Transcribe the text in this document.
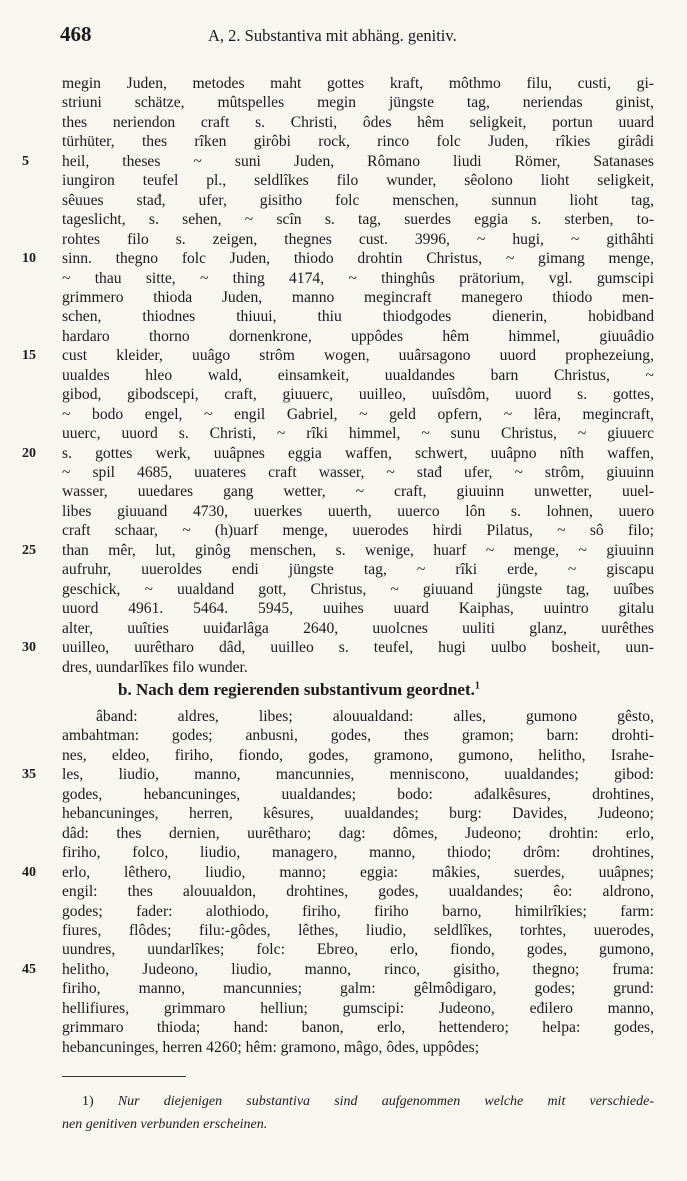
468	A, 2. Substantiva mit abhäng. genitiv.
megin Juden, metodes maht gottes kraft, môthmo filu, custi, gi-
striuni schätze, mûtspelles megin jüngste tag, neriendas ginist,
thes neriendon craft s. Christi, ôdes hêm seligkeit, portun uuard
türhüter, thes rîken girôbi rock, rinco folc Juden, rîkies girâdi
5	heil, theses ~ suni Juden, Rômano liudi Römer, Satanases
iungiron teufel pl., seldlîkes filo wunder, sêolono lioht seligkeit,
sêuues stađ, ufer, gisitho folc menschen, sunnun lioht tag,
tageslicht, s. sehen, ~ scîn s. tag, suerdes eggia s. sterben, to-
rohtes filo s. zeigen, thegnes cust. 3996, ~ hugi, ~ githâhti
10	sinn. thegno folc Juden, thiodo drohtin Christus, ~ gimang menge,
~ thau sitte, ~ thing 4174, ~ thinghûs prätorium, vgl. gumscipi
grimmero thioda Juden, manno megincraft manegero thiodo men-
schen, thiodnes thiuui, thiu thiodgodes dienerin, hobidband
hardaro thorno dornenkrone, uppôdes hêm himmel, giuuâdio
15	cust kleider, uuâgo strôm wogen, uuârsagono uuord prophezeiung,
uualdes hleo wald, einsamkeit, uualdandes barn Christus, ~
gibod, gibodscepi, craft, giuuerc, uuilleo, uuîsdôm, uuord s. gottes,
~ bodo engel, ~ engil Gabriel, ~ geld opfern, ~ lêra, megincraft,
uuerc, uuord s. Christi, ~ rîki himmel, ~ sunu Christus, ~ giuuerc
20	s. gottes werk, uuâpnes eggia waffen, schwert, uuâpno nîth waffen,
~ spil 4685, uuateres craft wasser, ~ stađ ufer, ~ strôm, giuuinn
wasser, uuedares gang wetter, ~ craft, giuuinn unwetter, uuel-
libes giuuand 4730, uuerkes uuerth, uuerco lôn s. lohnen, uuero
craft schaar, ~ (h)uarf menge, uuerodes hirdi Pilatus, ~ sô filo;
25	than mêr, lut, ginôg menschen, s. wenige, huarf ~ menge, ~ giuuinn
aufruhr, uueroldes endi jüngste tag, ~ rîki erde, ~ giscapu
geschick, ~ uualdand gott, Christus, ~ giuuand jüngste tag, uuîbes
uuord 4961. 5464. 5945, uuihes uuard Kaiphas, uuintro gitalu
alter, uuîties uuiđarlâga 2640, uuolcnes uuliti glanz, uurêthes
30	uuilleo, uurêtharo dâd, uuilleo s. teufel, hugi uulbo bosheit, uun-
dres, uundarlîkes filo wunder.
b. Nach dem regierenden substantivum geordnet.$^1$
âband: aldres, libes; alouualdand: alles, gumono gêsto,
ambahtman: godes; anbusni, godes, thes gramon; barn: drohti-
nes, eldeo, firiho, fiondo, godes, gramono, gumono, helitho, Israhe-
35	les, liudio, manno, mancunnies, menniscono, uualdandes; gibod:
godes, hebancuninges, uualdandes; bodo: ađalkêsures, drohtines,
hebancuninges, herren, kêsures, uualdandes; burg: Davides, Judeono;
dâd: thes dernien, uurêtharo; dag: dômes, Judeono; drohtin: erlo,
firiho, folco, liudio, managero, manno, thiodo; drôm: drohtines,
40	erlo, lêthero, liudio, manno; eggia: mâkies, suerdes, uuâpnes;
engil: thes alouualdon, drohtines, godes, uualdandes; êo: aldrono,
godes; fader: alothiodo, firiho, firiho barno, himilrîkies; farm:
fiures, flôdes; filu:-gôdes, lêthes, liudio, seldlîkes, torhtes, uuerodes,
uundres, uundarlîkes; folc: Ebreo, erlo, fiondo, godes, gumono,
45	helitho, Judeono, liudio, manno, rinco, gisitho, thegno; fruma:
firiho, manno, mancunnies; galm: gêlmôdigaro, godes; grund:
hellifiures, grimmaro helliun; gumscipi: Judeono, eđilero manno,
grimmaro thioda; hand: banon, erlo, hettendero; helpa: godes,
hebancuninges, herren 4260; hêm: gramono, mâgo, ôdes, uppôdes;
1) Nur diejenigen substantiva sind aufgenommen welche mit verschiede-
nen genitiven verbunden erscheinen.
